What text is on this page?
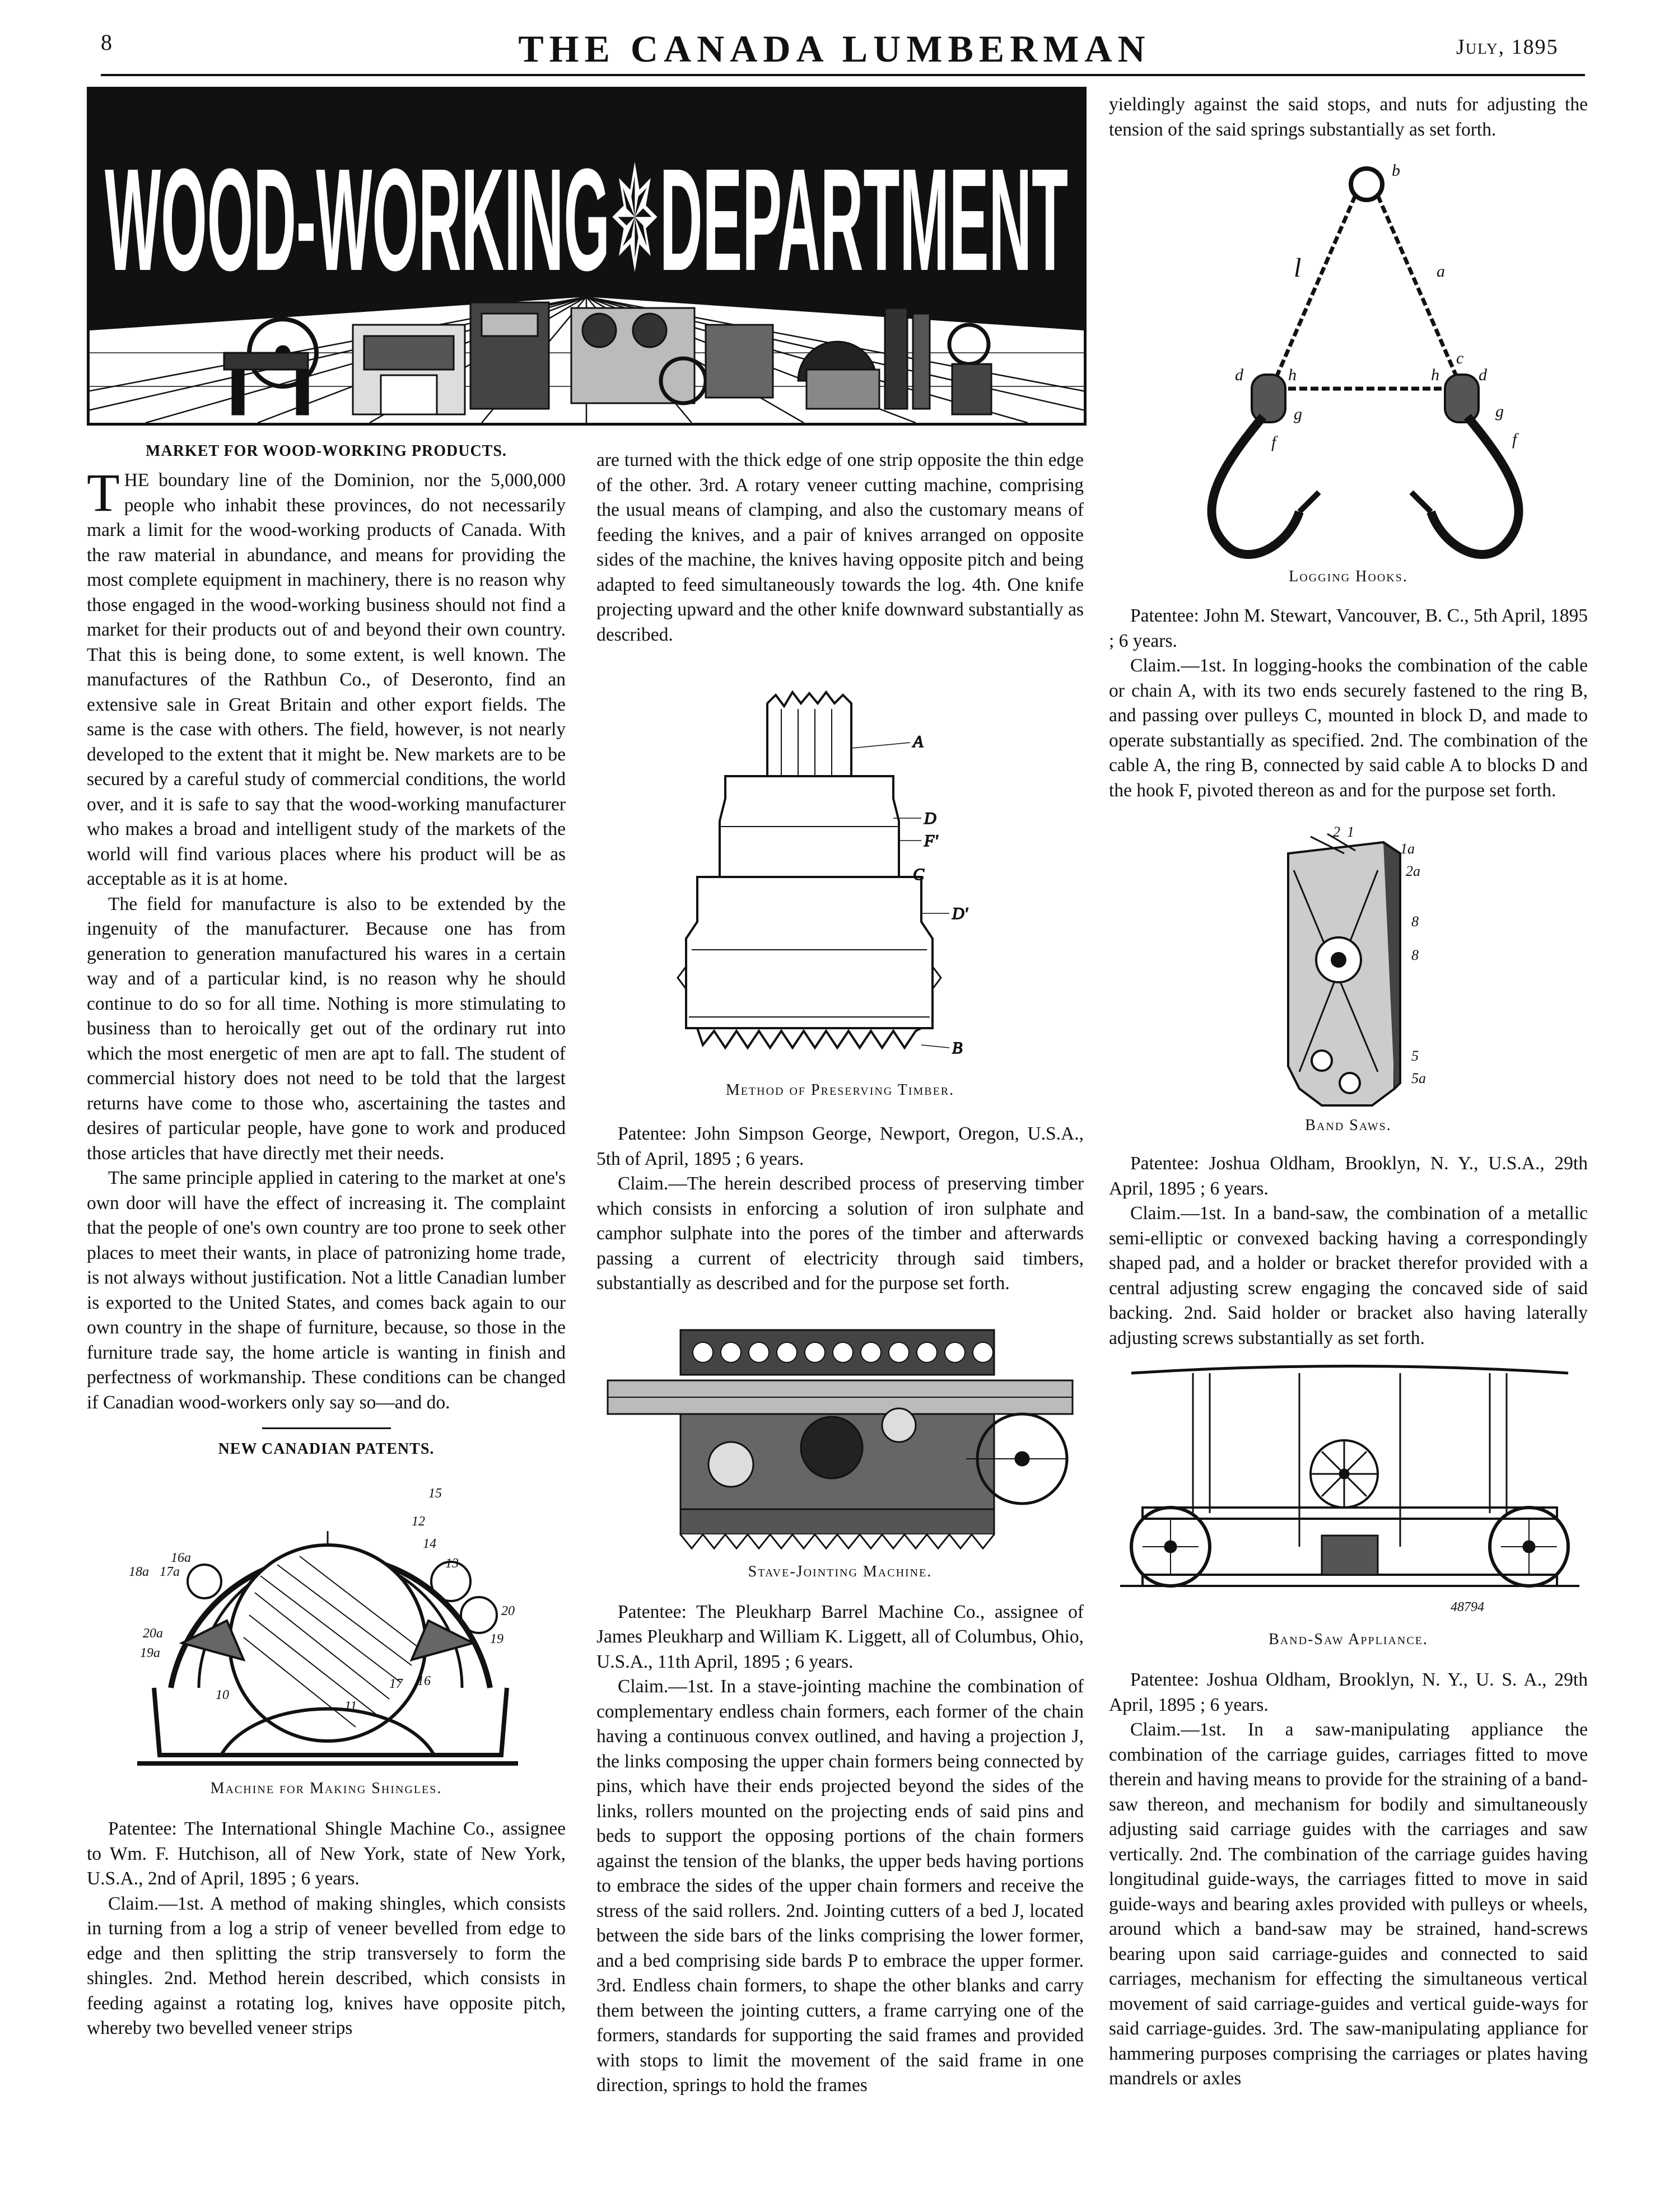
8	THE CANADA LUMBERMAN	July, 1895
WOOD-WORKING✵DEPARTMENT
MARKET FOR WOOD-WORKING PRODUCTS.

THE boundary line of the Dominion, nor the 5,000,000 people who inhabit these provinces, do not necessarily mark a limit for the wood-working products of Canada. With the raw material in abundance, and means for providing the most complete equipment in machinery, there is no reason why those engaged in the wood-working business should not find a market for their products out of and beyond their own country. That this is being done, to some extent, is well known. The manufactures of the Rathbun Co., of Deseronto, find an extensive sale in Great Britain and other export fields. The same is the case with others. The field, however, is not nearly developed to the extent that it might be. New markets are to be secured by a careful study of commercial conditions, the world over, and it is safe to say that the wood-working manufacturer who makes a broad and intelligent study of the markets of the world will find various places where his product will be as acceptable as it is at home.

The field for manufacture is also to be extended by the ingenuity of the manufacturer. Because one has from generation to generation manufactured his wares in a certain way and of a particular kind, is no reason why he should continue to do so for all time. Nothing is more stimulating to business than to heroically get out of the ordinary rut into which the most energetic of men are apt to fall. The student of commercial history does not need to be told that the largest returns have come to those who, ascertaining the tastes and desires of particular people, have gone to work and produced those articles that have directly met their needs.

The same principle applied in catering to the market at one's own door will have the effect of increasing it. The complaint that the people of one's own country are too prone to seek other places to meet their wants, in place of patronizing home trade, is not always without justification. Not a little Canadian lumber is exported to the United States, and comes back again to our own country in the shape of furniture, because, so those in the furniture trade say, the home article is wanting in finish and perfectness of workmanship. These conditions can be changed if Canadian wood-workers only say so—and do.

NEW CANADIAN PATENTS.
15
16a
17a
18a
12
14
13
20
19
20a
19a
10
11
16
17
Machine for Making Shingles.

Patentee: The International Shingle Machine Co., assignee to Wm. F. Hutchison, all of New York, state of New York, U.S.A., 2nd of April, 1895 ; 6 years.

Claim.—1st. A method of making shingles, which consists in turning from a log a strip of veneer bevelled from edge to edge and then splitting the strip transversely to form the shingles. 2nd. Method herein described, which consists in feeding against a rotating log, knives have opposite pitch, whereby two bevelled veneer strips

are turned with the thick edge of one strip opposite the thin edge of the other. 3rd. A rotary veneer cutting machine, comprising the usual means of clamping, and also the customary means of feeding the knives, and a pair of knives arranged on opposite sides of the machine, the knives having opposite pitch and being adapted to feed simultaneously towards the log. 4th. One knife projecting upward and the other knife downward substantially as described.

A
D
F'
C
D'
B
Method of Preserving Timber.

Patentee: John Simpson George, Newport, Oregon, U.S.A., 5th of April, 1895 ; 6 years.

Claim.—The herein described process of preserving timber which consists in enforcing a solution of iron sulphate and camphor sulphate into the pores of the timber and afterwards passing a current of electricity through said timbers, substantially as described and for the purpose set forth.

Stave-Jointing Machine.

Patentee: The Pleukharp Barrel Machine Co., assignee of James Pleukharp and William K. Liggett, all of Columbus, Ohio, U.S.A., 11th April, 1895 ; 6 years.

Claim.—1st. In a stave-jointing machine the combination of complementary endless chain formers, each former of the chain having a continuous convex outlined, and having a projection J, the links composing the upper chain formers being connected by pins, which have their ends projected beyond the sides of the links, rollers mounted on the projecting ends of said pins and beds to support the opposing portions of the chain formers against the tension of the blanks, the upper beds having portions to embrace the sides of the upper chain formers and receive the stress of the said rollers. 2nd. Jointing cutters of a bed J, located between the side bars of the links comprising the lower former, and a bed comprising side bards P to embrace the upper former. 3rd. Endless chain formers, to shape the other blanks and carry them between the jointing cutters, a frame carrying one of the formers, standards for supporting the said frames and provided with stops to limit the movement of the said frame in one direction, springs to hold the frames

yieldingly against the said stops, and nuts for adjusting the tension of the said springs substantially as set forth.

b
a
l
d	h	h
c
d
g	g
f	f
Logging Hooks.

Patentee: John M. Stewart, Vancouver, B. C., 5th April, 1895 ; 6 years.

Claim.—1st. In logging-hooks the combination of the cable or chain A, with its two ends securely fastened to the ring B, and passing over pulleys C, mounted in block D, and made to operate substantially as specified. 2nd. The combination of the cable A, the ring B, connected by said cable A to blocks D and the hook F, pivoted thereon as and for the purpose set forth.

2 1
1a
2a
8
8
5
5a
Band Saws.

Patentee: Joshua Oldham, Brooklyn, N. Y., U.S.A., 29th April, 1895 ; 6 years.

Claim.—1st. In a band-saw, the combination of a metallic semi-elliptic or convexed backing having a correspondingly shaped pad, and a holder or bracket therefor provided with a central adjusting screw engaging the concaved side of said backing. 2nd. Said holder or bracket also having laterally adjusting screws substantially as set forth.

48794
Band-Saw Appliance.

Patentee: Joshua Oldham, Brooklyn, N. Y., U. S. A., 29th April, 1895 ; 6 years.

Claim.—1st. In a saw-manipulating appliance the combination of the carriage guides, carriages fitted to move therein and having means to provide for the straining of a band-saw thereon, and mechanism for bodily and simultaneously adjusting said carriage guides with the carriages and saw vertically. 2nd. The combination of the carriage guides having longitudinal guide-ways, the carriages fitted to move in said guide-ways and bearing axles provided with pulleys or wheels, around which a band-saw may be strained, hand-screws bearing upon said carriage-guides and connected to said carriages, mechanism for effecting the simultaneous vertical movement of said carriage-guides and vertical guide-ways for said carriage-guides. 3rd. The saw-manipulating appliance for hammering purposes comprising the carriages or plates having mandrels or axles
